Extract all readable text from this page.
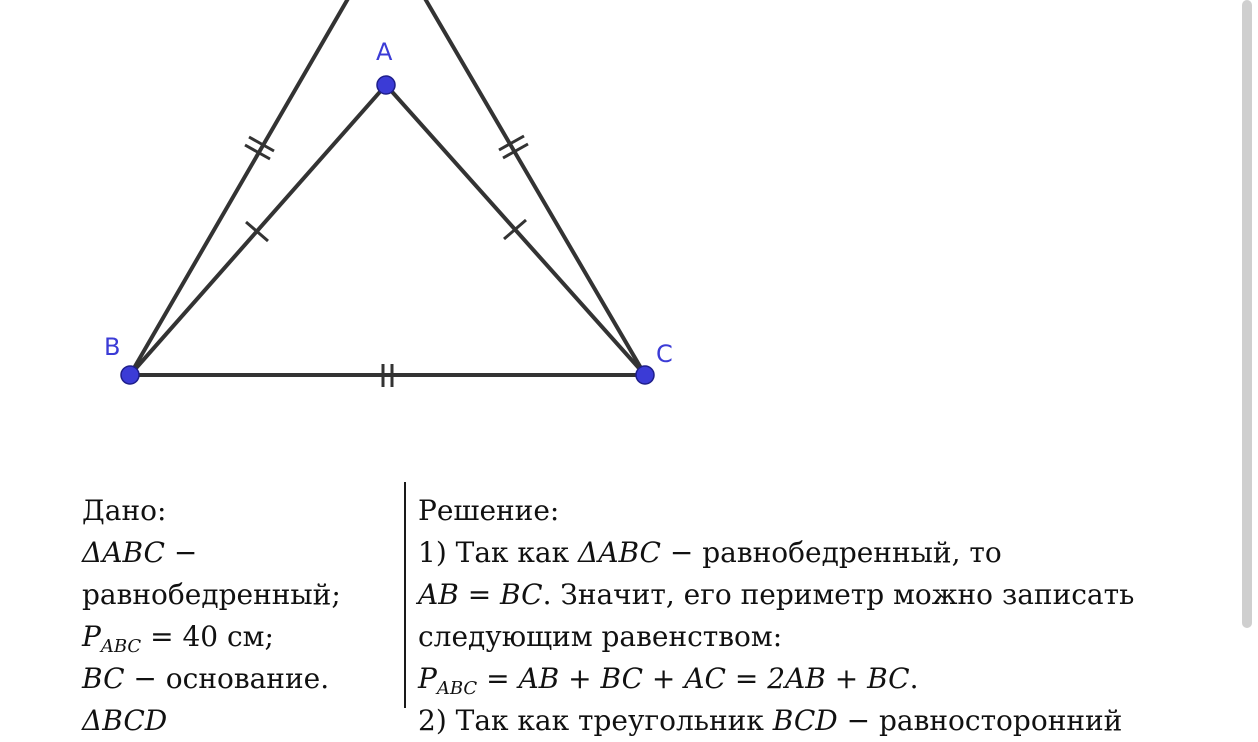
A
B	C
Дано:
ΔABC −
равнобедренный;
$P_{ABC} = 40$ см;
BC − основание.
ΔBCD
Решение:
1) Так как ΔABC − равнобедренный, то
AB = BC. Значит, его периметр можно записать
следующим равенством:
$P_{ABC}$ = AB + BC + AC = 2AB + BC.
2) Так как треугольник BCD − равносторонний
